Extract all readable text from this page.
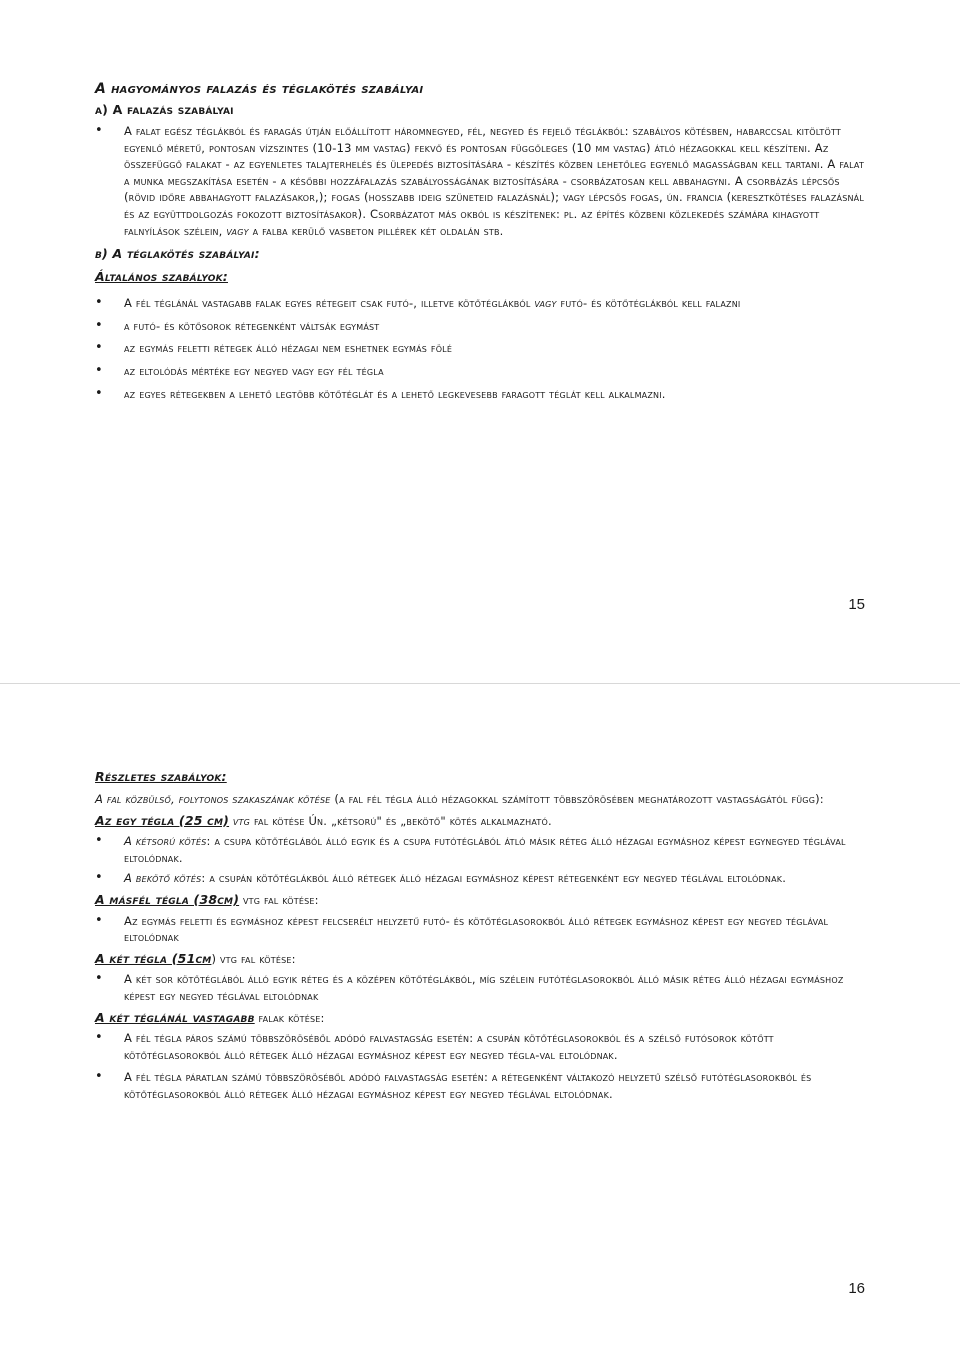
A hagyományos falazás és téglakötés szabályai
a) A falazás szabályai
• A falat egész téglákból és faragás útján előállított háromnegyed, fél, negyed és fejelő téglákból: szabályos kötésben, habarccsal kitöltött egyenlő méretű, pontosan vízszintes (10-13 mm vastag) fekvő és pontosan függőleges (10 mm vastag) átló hézagokkal kell készíteni. Az összefüggő falakat - az egyenletes talajterhelés és ülepedés biztosítására - készítés közben lehetőleg egyenlő magasságban kell tartani. A falat a munka megszakítása esetén - a későbbi hozzáfalazás szabályosságának biztosítására - csorbázatosan kell abbahagyni. A csorbázás lépcsős (rövid időre abbahagyott falazásakor,); fogas (hosszabb ideig szüneteid falazásnál); vagy lépcsős fogas, ún. francia (keresztkötéses falazásnál és az együttdolgozás fokozott biztosításakor). Csorbázatot más okból is készítenek: pl. az építés közbeni közlekedés számára kihagyott falnyílások szélein, vagy a falba kerülő vasbeton pillérek két oldalán stb.
b) A téglakötés szabályai:
Általános szabályok:
• A fél téglánál vastagabb falak egyes rétegeit csak futó-, illetve kötőtéglákból vagy futó- és kötőtéglákból kell falazni
• a futó- és kötősorok rétegenként váltsák egymást
• az egymás feletti rétegek álló hézagai nem eshetnek egymás fölé
• az eltolódás mértéke egy negyed vagy egy fél tégla
• az egyes rétegekben a lehető legtöbb kötőtéglát és a lehető legkevesebb faragott téglát kell alkalmazni.
15
Részletes szabályok:
A fal közbülső, folytonos szakaszának kötése (a fal fél tégla álló hézagokkal számított többszörösében meghatározott vastagságától függ):
Az egy tégla (25 cm) vtg fal kötése Ún. „kétsorú" és „bekötő" kötés alkalmazható.
• A kétsorú kötés: a csupa kötőtéglából álló egyik és a csupa futótéglából átló másik réteg álló hézagai egymáshoz képest egynegyed téglával eltolódnak.
• A bekötő kötés: a csupán kötőtéglákból álló rétegek álló hézagai egymáshoz képest rétegenként egy negyed téglával eltolódnak.
A másfél tégla (38cm) vtg fal kötése:
• Az egymás feletti és egymáshoz képest felcserélt helyzetű futó- és kötőtéglasorokból álló rétegek egymáshoz képest egy negyed téglával eltolódnak
A két tégla (51cm) vtg fal kötése:
• A két sor kötőtéglából álló egyik réteg és a középen kötőtéglákból, míg szélein futótéglasorokból álló másik réteg álló hézagai egymáshoz képest egy negyed téglával eltolódnak
A két téglánál vastagabb falak kötése:
• A fél tégla páros számú többszöröséből adódó falvastagság esetén: a csupán kötőtéglasorokból és a szélső futósorok kötőtt kötőtéglasorokból álló rétegek álló hézagai egymáshoz képest egy negyed tégla-val eltolódnak.
• A fél tégla páratlan számú többszöröséből adódó falvastagság esetén: a rétegenként váltakozó helyzetű szélső futótéglasorokból és kötőtéglasorokból álló rétegek álló hézagai egymáshoz képest egy negyed téglával eltolódnak.
16
